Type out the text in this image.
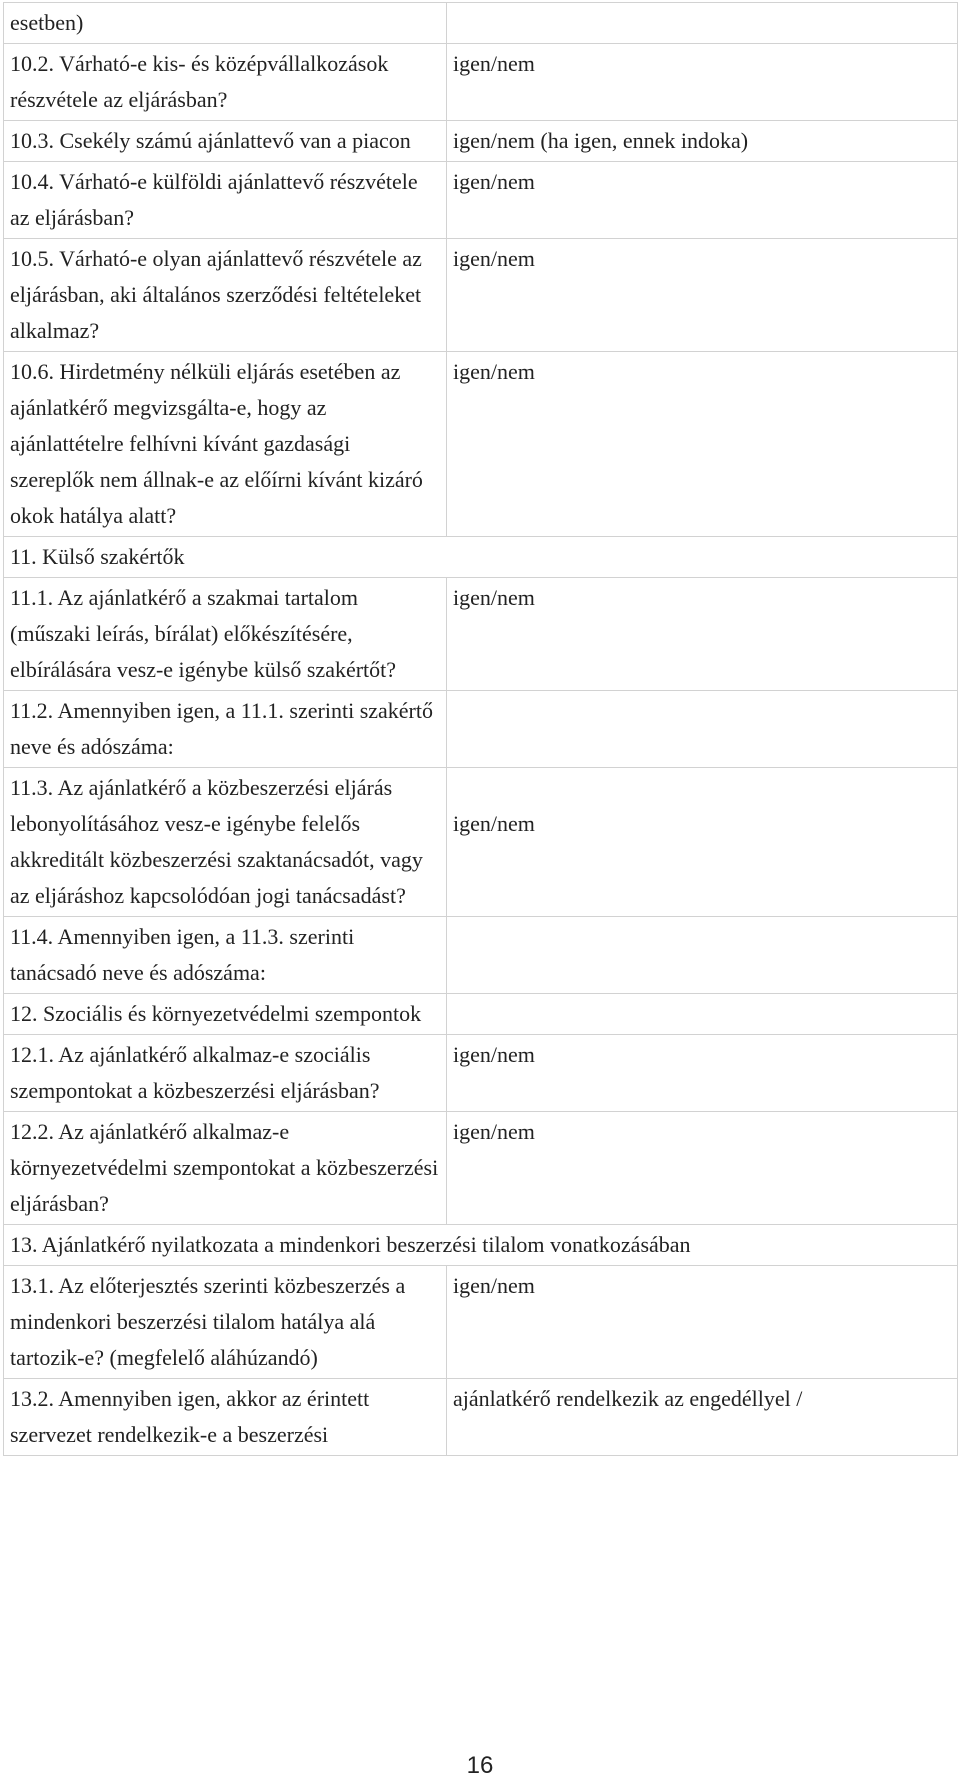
esetben)	
10.2. Várható-e kis- és középvállalkozások részvétele az eljárásban?	igen/nem
10.3. Csekély számú ajánlattevő van a piacon	igen/nem (ha igen, ennek indoka)
10.4. Várható-e külföldi ajánlattevő részvétele az eljárásban?	igen/nem
10.5. Várható-e olyan ajánlattevő részvétele az eljárásban, aki általános szerződési feltételeket alkalmaz?	igen/nem
10.6. Hirdetmény nélküli eljárás esetében az ajánlatkérő megvizsgálta-e, hogy az ajánlattételre felhívni kívánt gazdasági szereplők nem állnak-e az előírni kívánt kizáró okok hatálya alatt?	igen/nem
11. Külső szakértők	
11.1. Az ajánlatkérő a szakmai tartalom (műszaki leírás, bírálat) előkészítésére, elbírálására vesz-e igénybe külső szakértőt?	igen/nem
11.2. Amennyiben igen, a 11.1. szerinti szakértő neve és adószáma:	
11.3. Az ajánlatkérő a közbeszerzési eljárás lebonyolításához vesz-e igénybe felelős akkreditált közbeszerzési szaktanácsadót, vagy az eljáráshoz kapcsolódóan jogi tanácsadást?	igen/nem
11.4. Amennyiben igen, a 11.3. szerinti tanácsadó neve és adószáma:	
12. Szociális és környezetvédelmi szempontok	
12.1. Az ajánlatkérő alkalmaz-e szociális szempontokat a közbeszerzési eljárásban?	igen/nem
12.2. Az ajánlatkérő alkalmaz-e környezetvédelmi szempontokat a közbeszerzési eljárásban?	igen/nem
13. Ajánlatkérő nyilatkozata a mindenkori beszerzési tilalom vonatkozásában	
13.1. Az előterjesztés szerinti közbeszerzés a mindenkori beszerzési tilalom hatálya alá tartozik-e? (megfelelő aláhúzandó)	igen/nem
13.2. Amennyiben igen, akkor az érintett szervezet rendelkezik-e a beszerzési	ajánlatkérő rendelkezik az engedéllyel /
16
